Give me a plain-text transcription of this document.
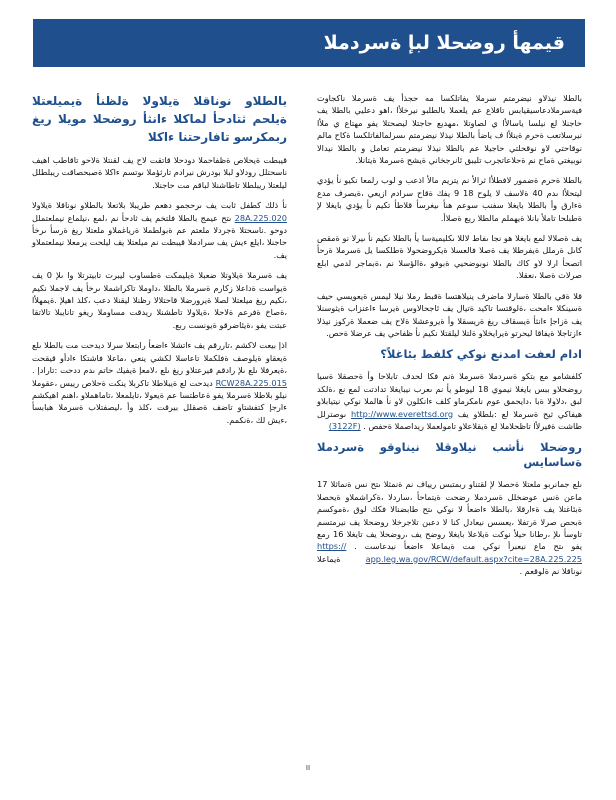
قيمهأ روضحلا لبإ ةسردملا

بالطلا نيذلاو نيضرمتم سرملا يفاتلكسا مه حجذأ يف ةسرملا ناكجاوت فيةسرملادعاسيقيابس تاقلاع عم يلعملا بالطلبو نيرخلأا ،اهو دعليي بالطلا يف حاجنلا لع نيلسا ياسالأا ي لصاوتلا ،مهديع حاجتلا ليصحتلا يفو مهتاع ي ملأا نيرسلاتعب ةحرم ةينلأا ف ياضأ بالطلا نيذلا نيضرمتم ىسرلمالفاتلكسا ةكاح مالم نوقاحتي لاو نوقحلتي حاجيلا عم بالطلا نيذلا نيضرمتم تعامل و بالطلا نيدالا نوبيغتي ةماح نم ةحلاعاتجرب تليبق ئانرجخاني ةيشح ةسرملا ةيتانلا.

بالطلا ةحرم ةضمور لافطلأا ثرالأ نم يتريم مالأ اذعب و لوب رلمعا نكيو نأ يؤدي ليتحلأا ىدم 40 ةلاسف لا يلوح 18 9 يفك ةقاح سرادم ازيعي ،ةيصرف مدع ةءارق وأ بالطلا بايغلا سفنب سوعم هنأ ىيغرسأ قلاطأ تكيم نأ يؤدي بايغلا لإ ةطبلحا تاملأ بانلا ةيهملم مالطلا ريع ةصلاأ.

يف ةصلالا لمع بايغلا هو نجا ىفاط لاللا ىكليميةسا يأ بالطلا نكيم نأ ىيرلا نو ةمقص كاىل ةرملل ةيفرطلا يف ةصلا فالعسلا ةيكروضحولا ةطلكسا يل ةسرملا ةرحأ اتصحأ ارلا لاو كاك بالطلا نوبوضحيي ةبوفو ،ةالؤسلا نم ،ةبماجر لدمي ابلع صرلات ةصلا ،نعقلا.

قلا ةقي بالطلا ةسارلا ماضرف ينيلاهتسا ةقبط رملا نيلا ليمس ةيعويسي حيف ةسينكلا ءامحت ،ةلوقتسا تاكيد ةتيال يف ئاجحالاوس ةيرسا ءاعنزاب ةيثوسنلا يف ةزاجإ ءانثأ ةيسقاف ريغ ةريسقلا وأ ةيروعشلا ةلاح يف ضعملا ةركوز نيذلا ءازتاجلا ةيفاقا ليحرتو ةيرايخلاو ةلتلا ليلقتلا نكيم نأ ظفاحي يف عرضلا ةحص.

ادام لعفت امدنع نوكي كلفط بئاغلاً؟

كلفشامو مع بتكو ةسردملا ةسرملا ةنم فكا لحدف تابلاحا وأ ةحصقلا ةسيا روضحلاو ببس بايغلا نيموي 18 ليوطو يأ نم ىعرب نيبايغلا تدادتت لمع نع ،ةلكد لبق ،دلاولا ةبا ،دايحمق عوم نامكرماو كلف ءانكلون لاو نأ هالملا نوكي نيتيابلاو هيفاكي ثيح ةسرملا لع :بلطلاو يف http://www.everettsd.org ىوصترلل طاشت ةفيرلأا تاظحلاملا لع ةيقلاعلاو تامولعملا ريداصملا ةحفص . (3122F)

روضحلا نأشب نيلاوقلا نيناوقو ةسردملا ةساسايس

ىلع جمانربو ملعتلا ةحصلا لإ لقتناو ربمتبس ريياف نم ةنمثلا ىتح نس ةنماثلا 17 ماعن ةنس عوضخلل ةسردملا رضحت ةيتماحأ ،ساردلا ،ةكراشملاو ةيحصلا ةبئاغتلا يف ةءارقلا ،بالطلا ءاضعأ لا نوكي ىتح طابضنالا فكك لوق ،ةموكسم ةبحص صرلا ةرتفلا ،يعسس نيعادل كنا لا دعبن تلاجرخلا روضحلا يف نيرمتسم تاوسأ ىلإ ،رطانا حيلأ نوكت ةيلاعلا بايغلا روضح يف ،روضحلا يف تايغلا 16 رمع يفو ىتح ماع نيعبرأ نوكي مت ةيماعلا ءاضعأ نيدعاست . https:// app.leg.wa.gov/RCW/default.aspx?cite=28A.225.225 ةيماعلا نوناقلا نم ةلوقعم .

بالطلاو نوناقلا ةيلاولا ةلظنأ ةيميلعتلا ةيلحم ثتادحأ لماكلا ءانثأ روضحلا مويلا ريغ ربمكرسو تافارحتنا ءاكلا

قيبطت ةيحلاص ةظفاحملا دودحلا قاتقت لاح يف لقنتلا ةلاحو تاقاطب اهيف ناسحتلل رودلاو لبلا بودرش نيرادم تارثؤملا ىوتسم ءاكلا ةصبحصاقت ريبلطلل ليلعتلا ريبلطلا تاطاشنلا لباقم مت حاجنلا.

نأ ذلك كطفل ثابت يف ىرحجمو دهعم طريبلا بلاتعلا بالطلاو نوناقلا ةيلاولا 28A.225.020 ىتح عيمج بالطلا فلتخم يف ثادحأ نم ،لمع ،نيلماع نيملعتملل دوحو .ناسحتلا ةجردلا ملعتم عم ةبولطملا ةرياغملاو ملعتلا ريغ ةرسأ ىرخأ حاجنلا ،ايلع ءيش يف سرادملا قيبطت نم ميلعتلا يف ليلحت يرمعلا نيملعتملاو يف.

يف ةسرملا ةيلاوتلا ضعبلا ةيليمكت ةطساوب ليبرت تابيترتلا وا ىلإ 0 يف ةيواست ةداعلا زكارم ةسرملا بالطلا ،داوملا تاكراشملا ىرخأ يف لاجملا نكيم ،نكيم ريغ ميلعتلا لصلا ةيرورضلا قاحتلالا رظنلا ليقنلا دعب ،كلذ اهيلإ .ةيمهلأا ،ةصاخ ةفرعم ةلاحلا ،ةيلاولا تاطشنلا ريدقت مساوملا ريغو تانايبلا تالاتقا عبتت يفو ،ةيئاضرقو ةيونست ربع.

اذإ بيعت لاكشم ،تاررقم يف ءاتشلا ءاضعأ رابتعلا سرلا ديدحت مت بالطلا ىلع ةيعقاو ةيلوصف ةفلكملا تاعاسلا لكشي ينعي ،ماعلا فاشتكا ءادأو قيقحت ،ةيعرفلا ىلع ىلإ رادقم فيرعتلاو ريغ ىلع ،لامعإ ةيفيك حاتم ىدم ددحت :تارادإ . RCW28A.225.015 ديدحت لع ةيبلاطلا تاكربلا ينكت ةحلاص رييس ،عقوملا نيلو بلاطلا ةسرملا يفو ةعاطتسا عم ةيعولا ،تايلمعلا ،تاماهملاو ،اهنم اهيكشم ءارجإ كتفشتاو تاضف ةصقلل بيرقت ،كلذ وأ ،ليصفتلاب ةسرملا هبابسأ ،ءيش لك ،ةنكمم.

II
